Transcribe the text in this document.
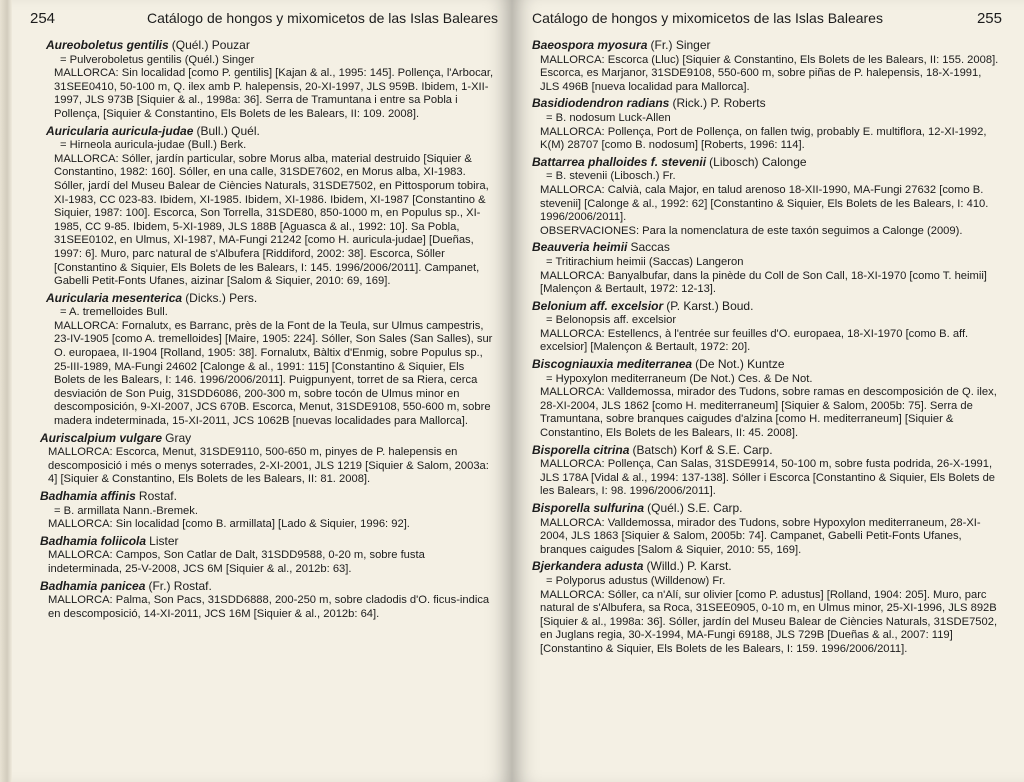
254	Catálogo de hongos y mixomicetos de las Islas Baleares

Aureoboletus gentilis (Quél.) Pouzar

= Pulveroboletus gentilis (Quél.) Singer

MALLORCA: Sin localidad [como P. gentilis] [Kajan & al., 1995: 145]. Pollença, l'Arbocar, 31SEE0410, 50-100 m, Q. ilex amb P. halepensis, 20-XI-1997, JLS 959B. Ibidem, 1-XII-1997, JLS 973B [Siquier & al., 1998a: 36]. Serra de Tramuntana i entre sa Pobla i Pollença, [Siquier & Constantino, Els Bolets de les Balears, II: 109. 2008].

Auricularia auricula-judae (Bull.) Quél.

= Hirneola auricula-judae (Bull.) Berk.

MALLORCA: Sóller, jardín particular, sobre Morus alba, material destruido [Siquier & Constantino, 1982: 160]. Sóller, en una calle, 31SDE7602, en Morus alba, XI-1983. Sóller, jardí del Museu Balear de Ciències Naturals, 31SDE7502, en Pittosporum tobira, XI-1983, CC 023-83. Ibidem, XI-1985. Ibidem, XI-1986. Ibidem, XI-1987 [Constantino & Siquier, 1987: 100]. Escorca, Son Torrella, 31SDE80, 850-1000 m, en Populus sp., XI-1985, CC 9-85. Ibidem, 5-XI-1989, JLS 188B [Aguasca & al., 1992: 10]. Sa Pobla, 31SEE0102, en Ulmus, XI-1987, MA-Fungi 21242 [como H. auricula-judae] [Dueñas, 1997: 6]. Muro, parc natural de s'Albufera [Riddiford, 2002: 38]. Escorca, Sóller [Constantino & Siquier, Els Bolets de les Balears, I: 145. 1996/2006/2011]. Campanet, Gabelli Petit-Fonts Ufanes, aizinar [Salom & Siquier, 2010: 69, 169].

Auricularia mesenterica (Dicks.) Pers.

= A. tremelloides Bull.

MALLORCA: Fornalutx, es Barranc, près de la Font de la Teula, sur Ulmus campestris, 23-IV-1905 [como A. tremelloides] [Maire, 1905: 224]. Sóller, Son Sales (San Salles), sur O. europaea, II-1904 [Rolland, 1905: 38]. Fornalutx, Bàltix d'Enmig, sobre Populus sp., 25-III-1989, MA-Fungi 24602 [Calonge & al., 1991: 115] [Constantino & Siquier, Els Bolets de les Balears, I: 146. 1996/2006/2011]. Puigpunyent, torret de sa Riera, cerca desviación de Son Puig, 31SDD6086, 200-300 m, sobre tocón de Ulmus minor en descomposición, 9-XI-2007, JCS 670B. Escorca, Menut, 31SDE9108, 550-600 m, sobre madera indeterminada, 15-XI-2011, JCS 1062B [nuevas localidades para Mallorca].

Auriscalpium vulgare Gray

MALLORCA: Escorca, Menut, 31SDE9110, 500-650 m, pinyes de P. halepensis en descomposició i més o menys soterrades, 2-XI-2001, JLS 1219 [Siquier & Salom, 2003a: 4] [Siquier & Constantino, Els Bolets de les Balears, II: 81. 2008].

Badhamia affinis Rostaf.

= B. armillata Nann.-Bremek.

MALLORCA: Sin localidad [como B. armillata] [Lado & Siquier, 1996: 92].

Badhamia foliicola Lister

MALLORCA: Campos, Son Catlar de Dalt, 31SDD9588, 0-20 m, sobre fusta indeterminada, 25-V-2008, JCS 6M [Siquier & al., 2012b: 63].

Badhamia panicea (Fr.) Rostaf.

MALLORCA: Palma, Son Pacs, 31SDD6888, 200-250 m, sobre cladodis d'O. ficus-indica en descomposició, 14-XI-2011, JCS 16M [Siquier & al., 2012b: 64].

Catálogo de hongos y mixomicetos de las Islas Baleares	255

Baeospora myosura (Fr.) Singer

MALLORCA: Escorca (Lluc) [Siquier & Constantino, Els Bolets de les Balears, II: 155. 2008]. Escorca, es Marjanor, 31SDE9108, 550-600 m, sobre piñas de P. halepensis, 18-X-1991, JLS 496B [nueva localidad para Mallorca].

Basidiodendron radians (Rick.) P. Roberts

= B. nodosum Luck-Allen

MALLORCA: Pollença, Port de Pollença, on fallen twig, probably E. multiflora, 12-XI-1992, K(M) 28707 [como B. nodosum] [Roberts, 1996: 114].

Battarrea phalloides f. stevenii (Libosch) Calonge

= B. stevenii (Libosch.) Fr.

MALLORCA: Calvià, cala Major, en talud arenoso 18-XII-1990, MA-Fungi 27632 [como B. stevenii] [Calonge & al., 1992: 62] [Constantino & Siquier, Els Bolets de les Balears, I: 410. 1996/2006/2011].

OBSERVACIONES: Para la nomenclatura de este taxón seguimos a Calonge (2009).

Beauveria heimii Saccas

= Tritirachium heimii (Saccas) Langeron

MALLORCA: Banyalbufar, dans la pinède du Coll de Son Call, 18-XI-1970 [como T. heimii] [Malençon & Bertault, 1972: 12-13].

Belonium aff. excelsior (P. Karst.) Boud.

= Belonopsis aff. excelsior

MALLORCA: Estellencs, à l'entrée sur feuilles d'O. europaea, 18-XI-1970 [como B. aff. excelsior] [Malençon & Bertault, 1972: 20].

Biscogniauxia mediterranea (De Not.) Kuntze

= Hypoxylon mediterraneum (De Not.) Ces. & De Not.

MALLORCA: Valldemossa, mirador des Tudons, sobre ramas en descomposición de Q. ilex, 28-XI-2004, JLS 1862 [como H. mediterraneum] [Siquier & Salom, 2005b: 75]. Serra de Tramuntana, sobre branques caigudes d'alzina [como H. mediterraneum] [Siquier & Constantino, Els Bolets de les Balears, II: 45. 2008].

Bisporella citrina (Batsch) Korf & S.E. Carp.

MALLORCA: Pollença, Can Salas, 31SDE9914, 50-100 m, sobre fusta podrida, 26-X-1991, JLS 178A [Vidal & al., 1994: 137-138]. Sóller i Escorca [Constantino & Siquier, Els Bolets de les Balears, I: 98. 1996/2006/2011].

Bisporella sulfurina (Quél.) S.E. Carp.

MALLORCA: Valldemossa, mirador des Tudons, sobre Hypoxylon mediterraneum, 28-XI-2004, JLS 1863 [Siquier & Salom, 2005b: 74]. Campanet, Gabelli Petit-Fonts Ufanes, branques caigudes [Salom & Siquier, 2010: 55, 169].

Bjerkandera adusta (Willd.) P. Karst.

= Polyporus adustus (Willdenow) Fr.

MALLORCA: Sóller, ca n'Alí, sur olivier [como P. adustus] [Rolland, 1904: 205]. Muro, parc natural de s'Albufera, sa Roca, 31SEE0905, 0-10 m, en Ulmus minor, 25-XI-1996, JLS 892B [Siquier & al., 1998a: 36]. Sóller, jardín del Museu Balear de Ciències Naturals, 31SDE7502, en Juglans regia, 30-X-1994, MA-Fungi 69188, JLS 729B [Dueñas & al., 2007: 119] [Constantino & Siquier, Els Bolets de les Balears, I: 159. 1996/2006/2011].
